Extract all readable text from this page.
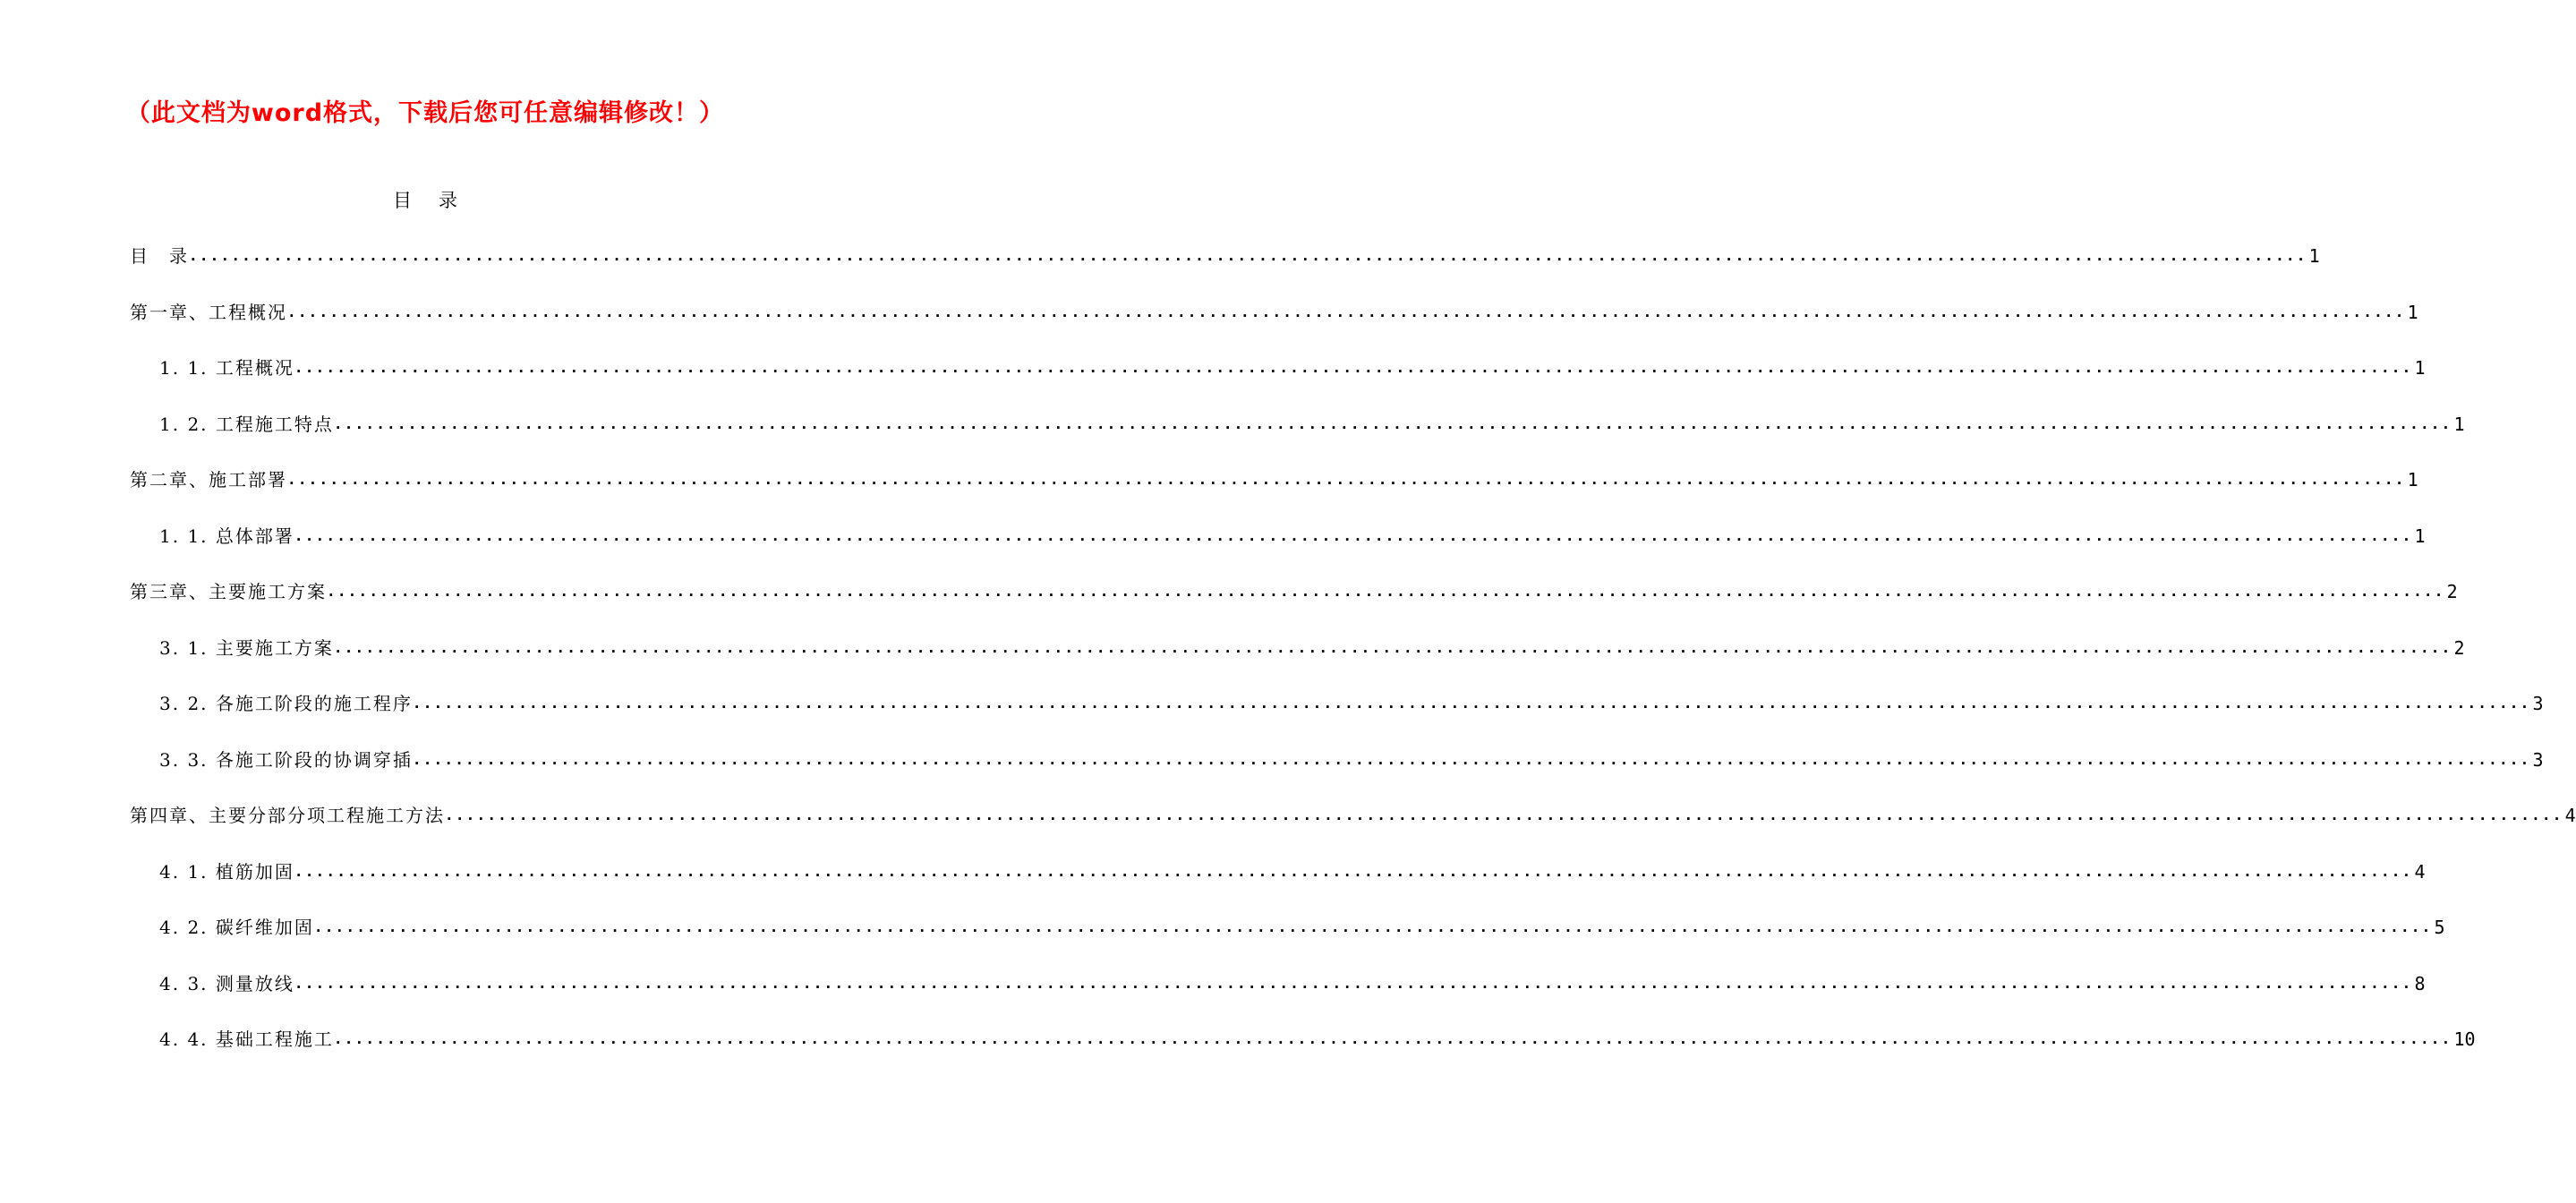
（此文档为word格式，下载后您可任意编辑修改！）
目录
目　录 ........................................................................................................................................................................................................ 1
第一章、工程概况 ........................................................................................................................................................................................................ 1
1. 1. 工程概况 ........................................................................................................................................................................................................ 1
1. 2. 工程施工特点 ........................................................................................................................................................................................................ 1
第二章、施工部署 ........................................................................................................................................................................................................ 1
1. 1. 总体部署 ........................................................................................................................................................................................................ 1
第三章、主要施工方案 ........................................................................................................................................................................................................ 2
3. 1. 主要施工方案 ........................................................................................................................................................................................................ 2
3. 2. 各施工阶段的施工程序 ........................................................................................................................................................................................................ 3
3. 3. 各施工阶段的协调穿插 ........................................................................................................................................................................................................ 3
第四章、主要分部分项工程施工方法 ........................................................................................................................................................................................................ 4
4. 1. 植筋加固 ........................................................................................................................................................................................................ 4
4. 2. 碳纤维加固 ........................................................................................................................................................................................................ 5
4. 3. 测量放线 ........................................................................................................................................................................................................ 8
4. 4. 基础工程施工 ........................................................................................................................................................................................................ 10
